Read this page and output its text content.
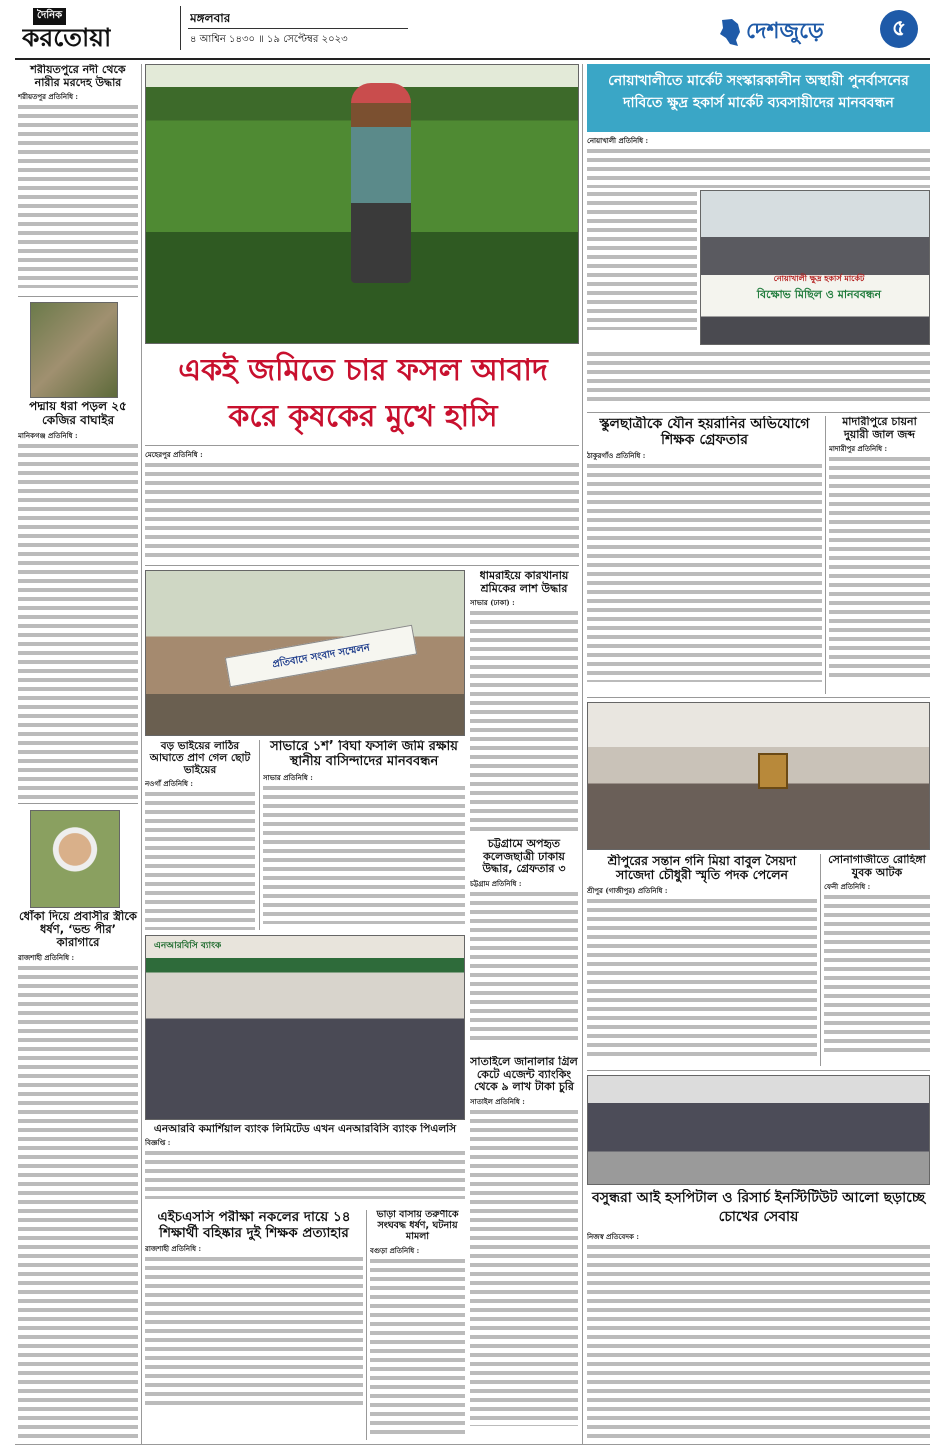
দৈনিক
করতোয়া
মঙ্গলবার
৪ আশ্বিন ১৪৩০ ॥ ১৯ সেপ্টেম্বর ২০২৩	দেশজুড়ে	৫
শরীয়তপুরে নদী থেকে নারীর মরদেহ উদ্ধার
শরীয়তপুর প্রতিনিধি :
পদ্মায় ধরা পড়ল ২৫ কেজির বাঘাইর
মানিকগঞ্জ প্রতিনিধি :
ধোঁকা দিয়ে প্রবাসীর স্ত্রীকে ধর্ষণ, ‘ভন্ড পীর’ কারাগারে
রাজশাহী প্রতিনিধি :
একই জমিতে চার ফসল আবাদ করে কৃষকের মুখে হাসি
মেহেরপুর প্রতিনিধি :
প্রতিবাদে সংবাদ সম্মেলন
ধামরাইয়ে কারখানায় শ্রমিকের লাশ উদ্ধার
সাভার (ঢাকা) :
বড় ভাইয়ের লাঠির আঘাতে প্রাণ গেল ছোট ভাইয়ের
নওগাঁ প্রতিনিধি :
সাভারে ১শ’ বিঘা ফসলি জমি রক্ষায় স্থানীয় বাসিন্দাদের মানববন্ধন
সাভার প্রতিনিধি :
চট্টগ্রামে অপহৃত কলেজছাত্রী ঢাকায় উদ্ধার, গ্রেফতার ৩
চট্টগ্রাম প্রতিনিধি :
এনআরবিসি ব্যাংক
এনআরবি কমার্শিয়াল ব্যাংক লিমিটেড এখন এনআরবিসি ব্যাংক পিএলসি
বিজ্ঞপ্তি :
সাতাইলে জানালার গ্রিল কেটে এজেন্ট ব্যাংকিং থেকে ৯ লাখ টাকা চুরি
সাতাইল প্রতিনিধি :
এইচএসসি পরীক্ষা নকলের দায়ে ১৪ শিক্ষার্থী বহিষ্কার দুই শিক্ষক প্রত্যাহার
রাজশাহী প্রতিনিধি :
ভাড়া বাসায় তরুণীকে সংঘবদ্ধ ধর্ষণ, ঘটনায় মামলা
বগুড়া প্রতিনিধি :
নোয়াখালীতে মার্কেট সংস্কারকালীন অস্থায়ী পুনর্বাসনের দাবিতে ক্ষুদ্র হকার্স মার্কেট ব্যবসায়ীদের মানববন্ধন
নোয়াখালী প্রতিনিধি :
নোয়াখালী ক্ষুদ্র হকার্স মার্কেট
বিক্ষোভ মিছিল ও মানববন্ধন
স্কুলছাত্রীকে যৌন হয়রানির অভিযোগে শিক্ষক গ্রেফতার
ঠাকুরগাঁও প্রতিনিধি :
মাদারীপুরে চায়না দুয়ারী জাল জব্দ
মাদারীপুর প্রতিনিধি :
শ্রীপুরের সন্তান গনি মিয়া বাবুল সৈয়দা সাজেদা চৌধুরী স্মৃতি পদক পেলেন
শ্রীপুর (গাজীপুর) প্রতিনিধি :
সোনাগাজীতে রোহিঙ্গা যুবক আটক
ফেনী প্রতিনিধি :
বসুন্ধরা আই হসপিটাল ও রিসার্চ ইনস্টিটিউট আলো ছড়াচ্ছে চোখের সেবায়
নিজস্ব প্রতিবেদক :
